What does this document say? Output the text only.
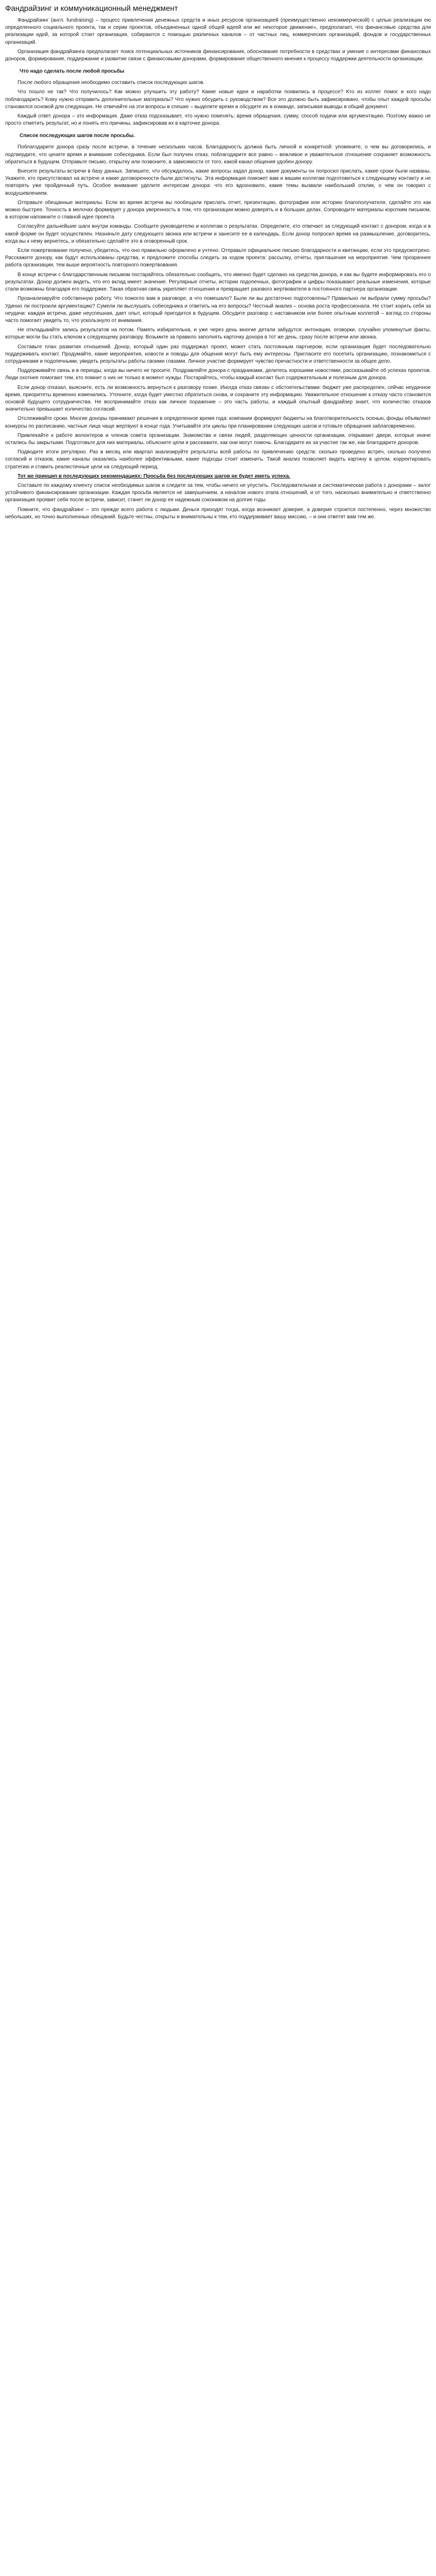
Фандрайзинг и коммуникационный менеджмент

Фандрайзинг (англ. fundraising) – процесс привлечения денежных средств и иных ресурсов организацией (преимущественно некоммерческой) с целью реализации ею определенного социального проекта, так и серии проектов, объединенных одной общей идеей или же некоторое движение», предполагает, что финансовые средства для реализации идей, за которой стоит организация, собираются с помощью различных каналов – от частных лиц, коммерческих организаций, фондов и государственных организаций.

Организация фандрайзинга предполагает поиск потенциальных источников финансирования, обоснование потребности в средствах и умение с интересами финансовых доноров, формирование, поддержание и развитие связи с финансовыми донорами, формирование общественного мнения к процессу поддержки деятельности организации.

Что надо сделать после любой просьбы

После любого обращения необходимо составить список последующих шагов.

Что пошло не так? Что получилось? Как можно улучшить эту работу? Какие новые идеи и наработки появились в процессе? Кто из коллег помог и кого надо поблагодарить? Кому нужно отправить дополнительные материалы? Что нужно обсудить с руководством? Все это должно быть зафиксировано, чтобы опыт каждой просьбы становился основой для следующих. Не отвечайте на эти вопросы в спешке – выделите время и обсудите их в команде, записывая выводы в общий документ.

Каждый ответ донора – это информация. Даже отказ подсказывает, что нужно поменять: время обращения, сумму, способ подачи или аргументацию. Поэтому важно не просто отметить результат, но и понять его причины, зафиксировав их в карточке донора.

Список последующих шагов после просьбы.

Поблагодарите донора сразу после встречи, в течение нескольких часов. Благодарность должна быть личной и конкретной: упомяните, о чем вы договорились, и подтвердите, что цените время и внимание собеседника. Если был получен отказ, поблагодарите все равно – вежливое и уважительное отношение сохраняет возможность обратиться в будущем. Отправьте письмо, открытку или позвоните, в зависимости от того, какой канал общения удобен донору.

Внесите результаты встречи в базу данных. Запишите, что обсуждалось, какие вопросы задал донор, какие документы он попросил прислать, какие сроки были названы. Укажите, кто присутствовал на встрече и какие договоренности были достигнуты. Эта информация поможет вам и вашим коллегам подготовиться к следующему контакту и не повторять уже пройденный путь. Особое внимание уделите интересам донора: что его вдохновило, какие темы вызвали наибольший отклик, о чем он говорил с воодушевлением.

Отправьте обещанные материалы. Если во время встречи вы пообещали прислать отчет, презентацию, фотографии или историю благополучателя, сделайте это как можно быстрее. Точность в мелочах формирует у донора уверенность в том, что организации можно доверять и в больших делах. Сопроводите материалы коротким письмом, в котором напомните о главной идее проекта.

Согласуйте дальнейшие шаги внутри команды. Сообщите руководителю и коллегам о результатах. Определите, кто отвечает за следующий контакт с донором, когда и в какой форме он будет осуществлен. Назначьте дату следующего звонка или встречи и занесите ее в календарь. Если донор попросил время на размышление, договоритесь, когда вы к нему вернетесь, и обязательно сделайте это в оговоренный срок.

Если пожертвование получено, убедитесь, что оно правильно оформлено и учтено. Отправьте официальное письмо благодарности и квитанцию, если это предусмотрено. Расскажите донору, как будут использованы средства, и предложите способы следить за ходом проекта: рассылку, отчеты, приглашения на мероприятия. Чем прозрачнее работа организации, тем выше вероятность повторного пожертвования.

В конце встречи с благодарственным письмом постарайтесь обязательно сообщить, что именно будет сделано на средства донора, и как вы будете информировать его о результатах. Донор должен видеть, что его вклад имеет значение. Регулярные отчеты, истории подопечных, фотографии и цифры показывают реальные изменения, которые стали возможны благодаря его поддержке. Такая обратная связь укрепляет отношения и превращает разового жертвователя в постоянного партнера организации.

Проанализируйте собственную работу. Что помогло вам в разговоре, а что помешало? Были ли вы достаточно подготовлены? Правильно ли выбрали сумму просьбы? Удачно ли построили аргументацию? Сумели ли выслушать собеседника и ответить на его вопросы? Честный анализ – основа роста профессионала. Не стоит корить себя за неудачи: каждая встреча, даже неуспешная, дает опыт, который пригодится в будущем. Обсудите разговор с наставником или более опытным коллегой – взгляд со стороны часто помогает увидеть то, что ускользнуло от внимания.

Не откладывайте запись результатов на потом. Память избирательна, и уже через день многие детали забудутся: интонации, оговорки, случайно упомянутые факты, которые могли бы стать ключом к следующему разговору. Возьмите за правило заполнять карточку донора в тот же день, сразу после встречи или звонка.

Составьте план развития отношений. Донор, который один раз поддержал проект, может стать постоянным партнером, если организация будет последовательно поддерживать контакт. Продумайте, какие мероприятия, новости и поводы для общения могут быть ему интересны. Пригласите его посетить организацию, познакомиться с сотрудниками и подопечными, увидеть результаты работы своими глазами. Личное участие формирует чувство причастности и ответственности за общее дело.

Поддерживайте связь и в периоды, когда вы ничего не просите. Поздравляйте донора с праздниками, делитесь хорошими новостями, рассказывайте об успехах проектов. Люди охотнее помогают тем, кто помнит о них не только в момент нужды. Постарайтесь, чтобы каждый контакт был содержательным и полезным для донора.

Если донор отказал, выясните, есть ли возможность вернуться к разговору позже. Иногда отказ связан с обстоятельствами: бюджет уже распределен, сейчас неудачное время, приоритеты временно изменились. Уточните, когда будет уместно обратиться снова, и сохраните эту информацию. Уважительное отношение к отказу часто становится основой будущего сотрудничества. Не воспринимайте отказ как личное поражение – это часть работы, и каждый опытный фандрайзер знает, что количество отказов значительно превышает количество согласий.

Отслеживайте сроки. Многие доноры принимают решения в определенное время года: компании формируют бюджеты на благотворительность осенью, фонды объявляют конкурсы по расписанию, частные лица чаще жертвуют в конце года. Учитывайте эти циклы при планировании следующих шагов и готовьте обращения заблаговременно.

Привлекайте к работе волонтеров и членов совета организации. Знакомства и связи людей, разделяющих ценности организации, открывают двери, которые иначе остались бы закрытыми. Подготовьте для них материалы, объясните цели и расскажите, как они могут помочь. Благодарите их за участие так же, как благодарите доноров.

Подводите итоги регулярно. Раз в месяц или квартал анализируйте результаты всей работы по привлечению средств: сколько проведено встреч, сколько получено согласий и отказов, какие каналы оказались наиболее эффективными, какие подходы стоит изменить. Такой анализ позволяет видеть картину в целом, корректировать стратегию и ставить реалистичные цели на следующий период.

Тот же принцип в последующих рекомендациях: Просьба без последующих шагов не будет иметь успеха.

Составьте по каждому клиенту список необходимых шагов и следите за тем, чтобы ничего не упустить. Последовательная и систематическая работа с донорами – залог устойчивого финансирования организации. Каждая просьба является не завершением, а началом нового этапа отношений, и от того, насколько внимательно и ответственно организация проявит себя после встречи, зависит, станет ли донор ее надежным союзником на долгие годы.

Помните, что фандрайзинг – это прежде всего работа с людьми. Деньги приходят тогда, когда возникает доверие, а доверие строится постепенно, через множество небольших, но точно выполненных обещаний. Будьте честны, открыты и внимательны к тем, кто поддерживает вашу миссию, – и они ответят вам тем же.
